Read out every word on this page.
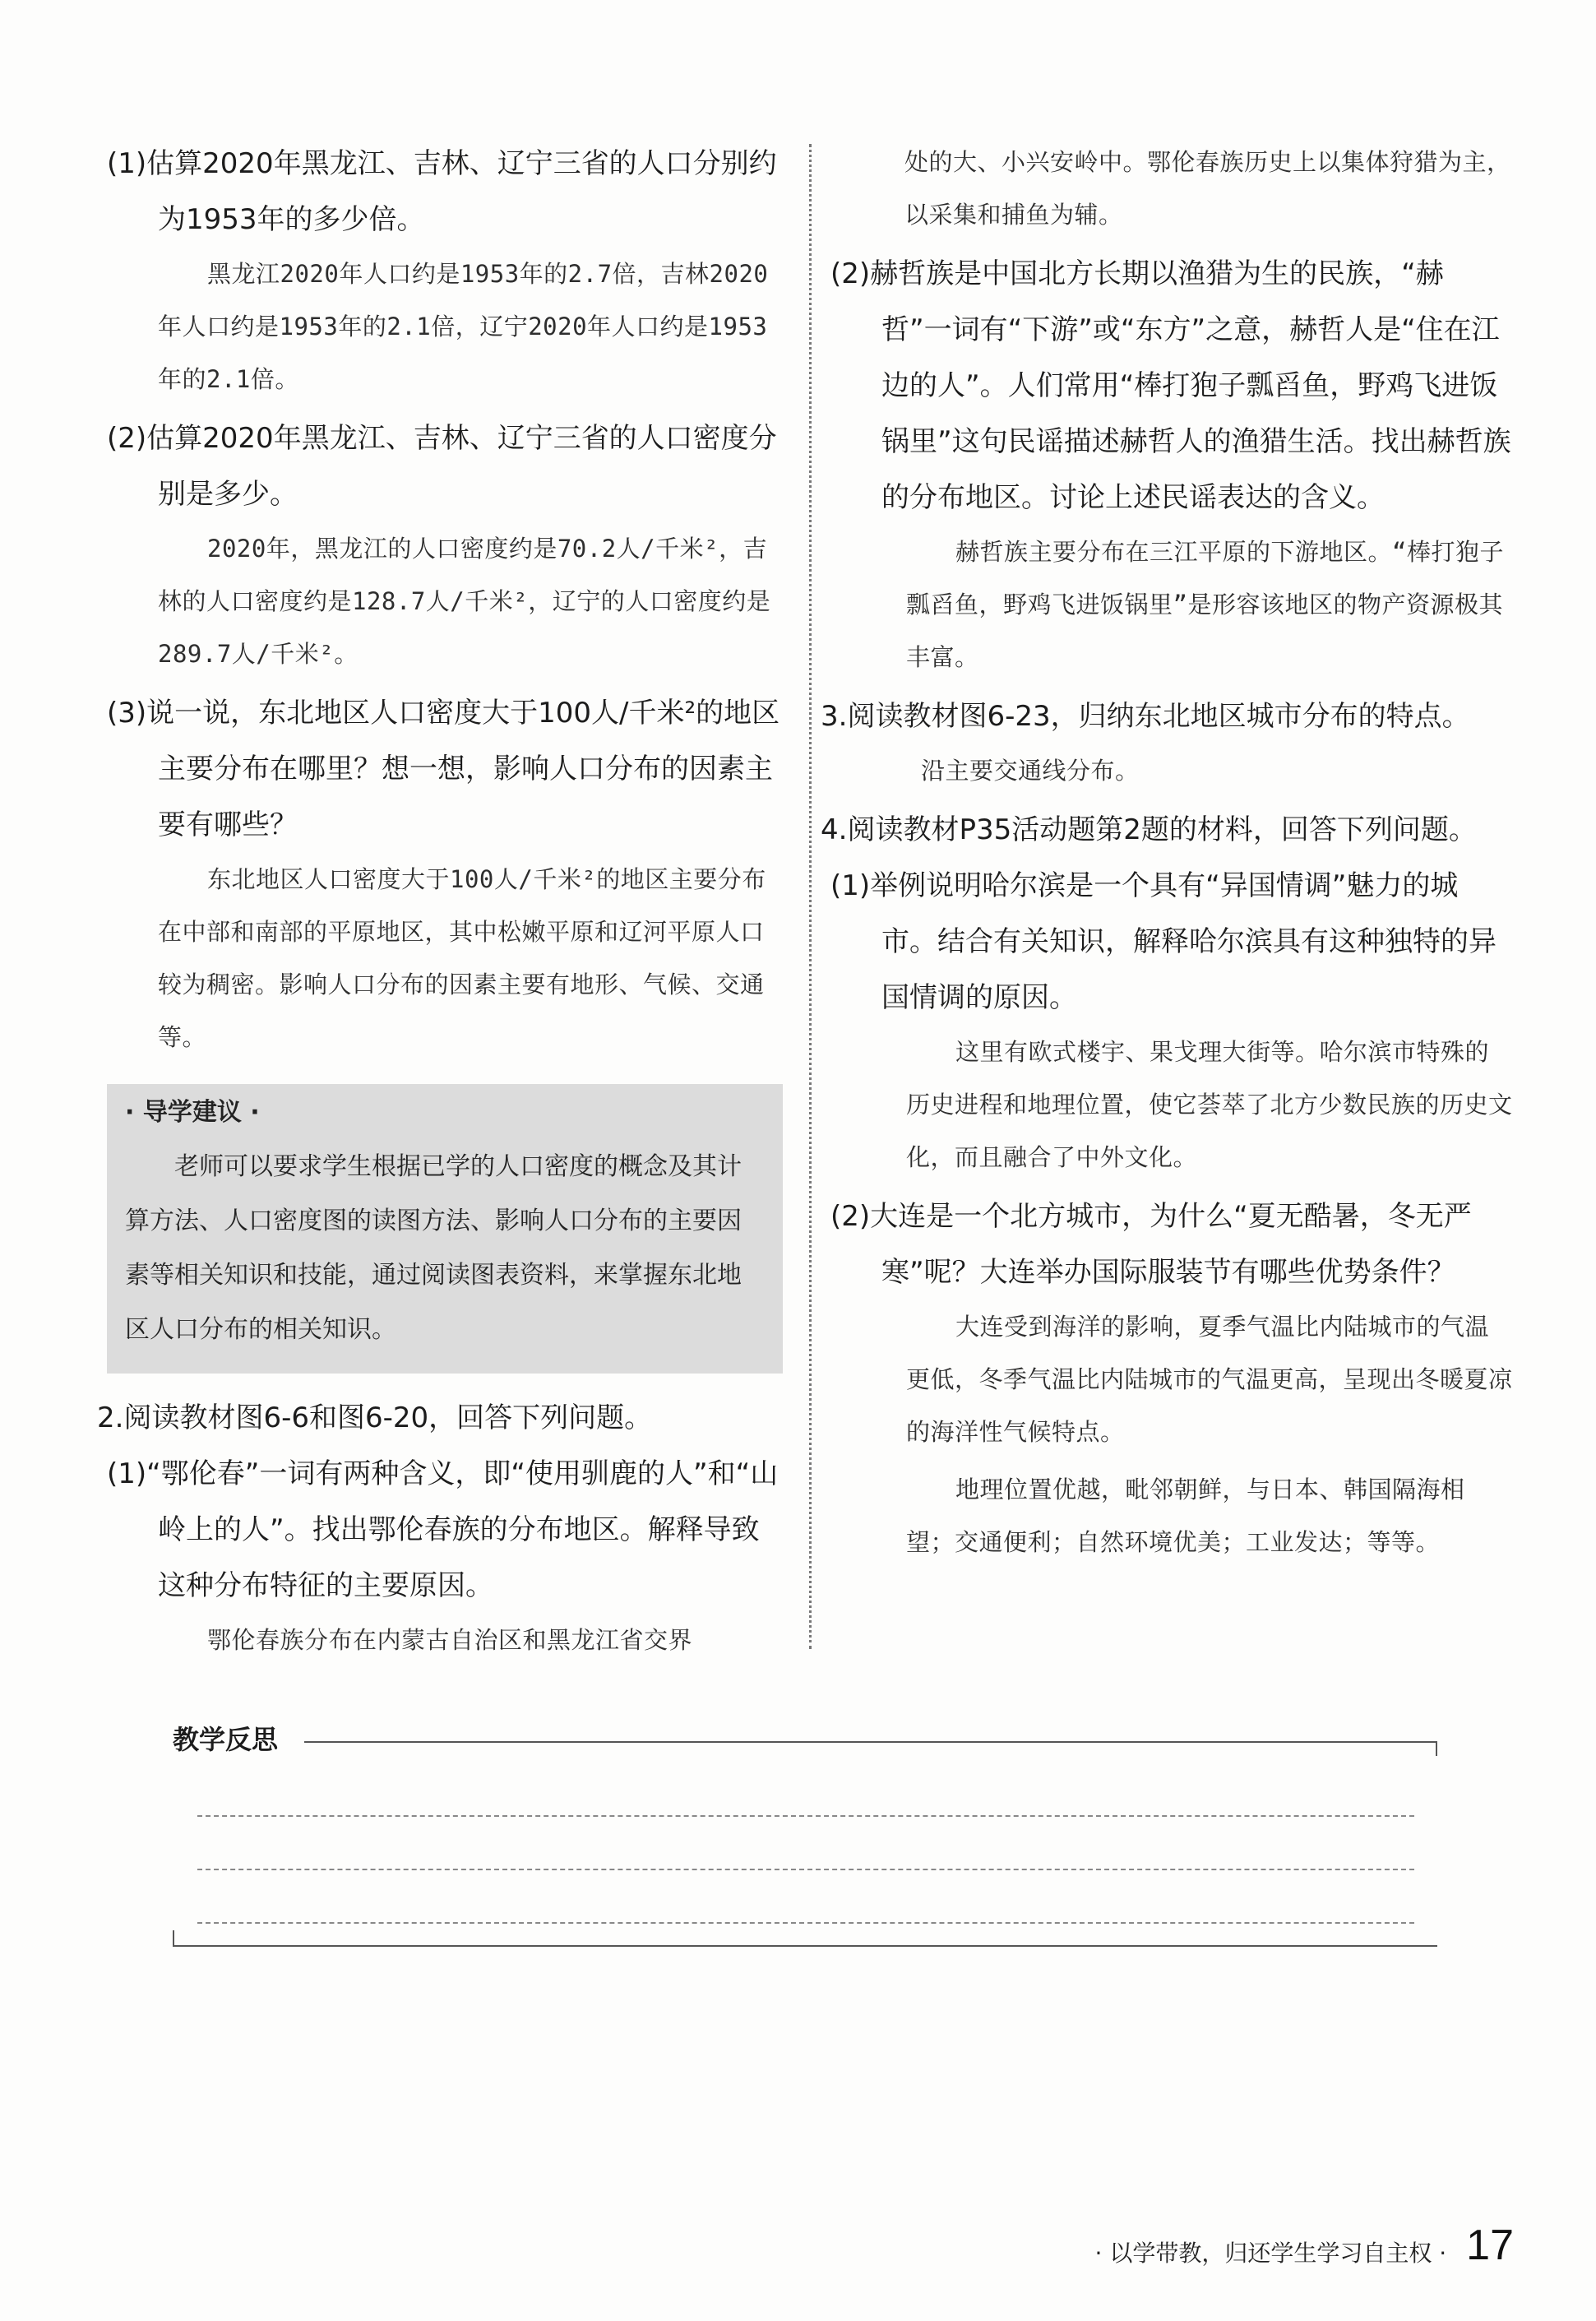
(1)估算2020年黑龙江、吉林、辽宁三省的人口分别约为1953年的多少倍。

黑龙江2020年人口约是1953年的2.7倍，吉林2020年人口约是1953年的2.1倍，辽宁2020年人口约是1953年的2.1倍。

(2)估算2020年黑龙江、吉林、辽宁三省的人口密度分别是多少。

2020年，黑龙江的人口密度约是70.2人/千米²，吉林的人口密度约是128.7人/千米²，辽宁的人口密度约是289.7人/千米²。

(3)说一说，东北地区人口密度大于100人/千米²的地区主要分布在哪里？想一想，影响人口分布的因素主要有哪些？

东北地区人口密度大于100人/千米²的地区主要分布在中部和南部的平原地区，其中松嫩平原和辽河平原人口较为稠密。影响人口分布的因素主要有地形、气候、交通等。

· 导学建议 ·

老师可以要求学生根据已学的人口密度的概念及其计算方法、人口密度图的读图方法、影响人口分布的主要因素等相关知识和技能，通过阅读图表资料，来掌握东北地区人口分布的相关知识。

2.阅读教材图6-6和图6-20，回答下列问题。

(1)“鄂伦春”一词有两种含义，即“使用驯鹿的人”和“山岭上的人”。找出鄂伦春族的分布地区。解释导致这种分布特征的主要原因。

鄂伦春族分布在内蒙古自治区和黑龙江省交界

处的大、小兴安岭中。鄂伦春族历史上以集体狩猎为主，以采集和捕鱼为辅。

(2)赫哲族是中国北方长期以渔猎为生的民族，“赫哲”一词有“下游”或“东方”之意，赫哲人是“住在江边的人”。人们常用“棒打狍子瓢舀鱼，野鸡飞进饭锅里”这句民谣描述赫哲人的渔猎生活。找出赫哲族的分布地区。讨论上述民谣表达的含义。

赫哲族主要分布在三江平原的下游地区。“棒打狍子瓢舀鱼，野鸡飞进饭锅里”是形容该地区的物产资源极其丰富。

3.阅读教材图6-23，归纳东北地区城市分布的特点。

沿主要交通线分布。

4.阅读教材P35活动题第2题的材料，回答下列问题。

(1)举例说明哈尔滨是一个具有“异国情调”魅力的城市。结合有关知识，解释哈尔滨具有这种独特的异国情调的原因。

这里有欧式楼宇、果戈理大街等。哈尔滨市特殊的历史进程和地理位置，使它荟萃了北方少数民族的历史文化，而且融合了中外文化。

(2)大连是一个北方城市，为什么“夏无酷暑，冬无严寒”呢？大连举办国际服装节有哪些优势条件？

大连受到海洋的影响，夏季气温比内陆城市的气温更低，冬季气温比内陆城市的气温更高，呈现出冬暖夏凉的海洋性气候特点。

地理位置优越，毗邻朝鲜，与日本、韩国隔海相望；交通便利；自然环境优美；工业发达；等等。

教学反思
· 以学带教，归还学生学习自主权 · 17
